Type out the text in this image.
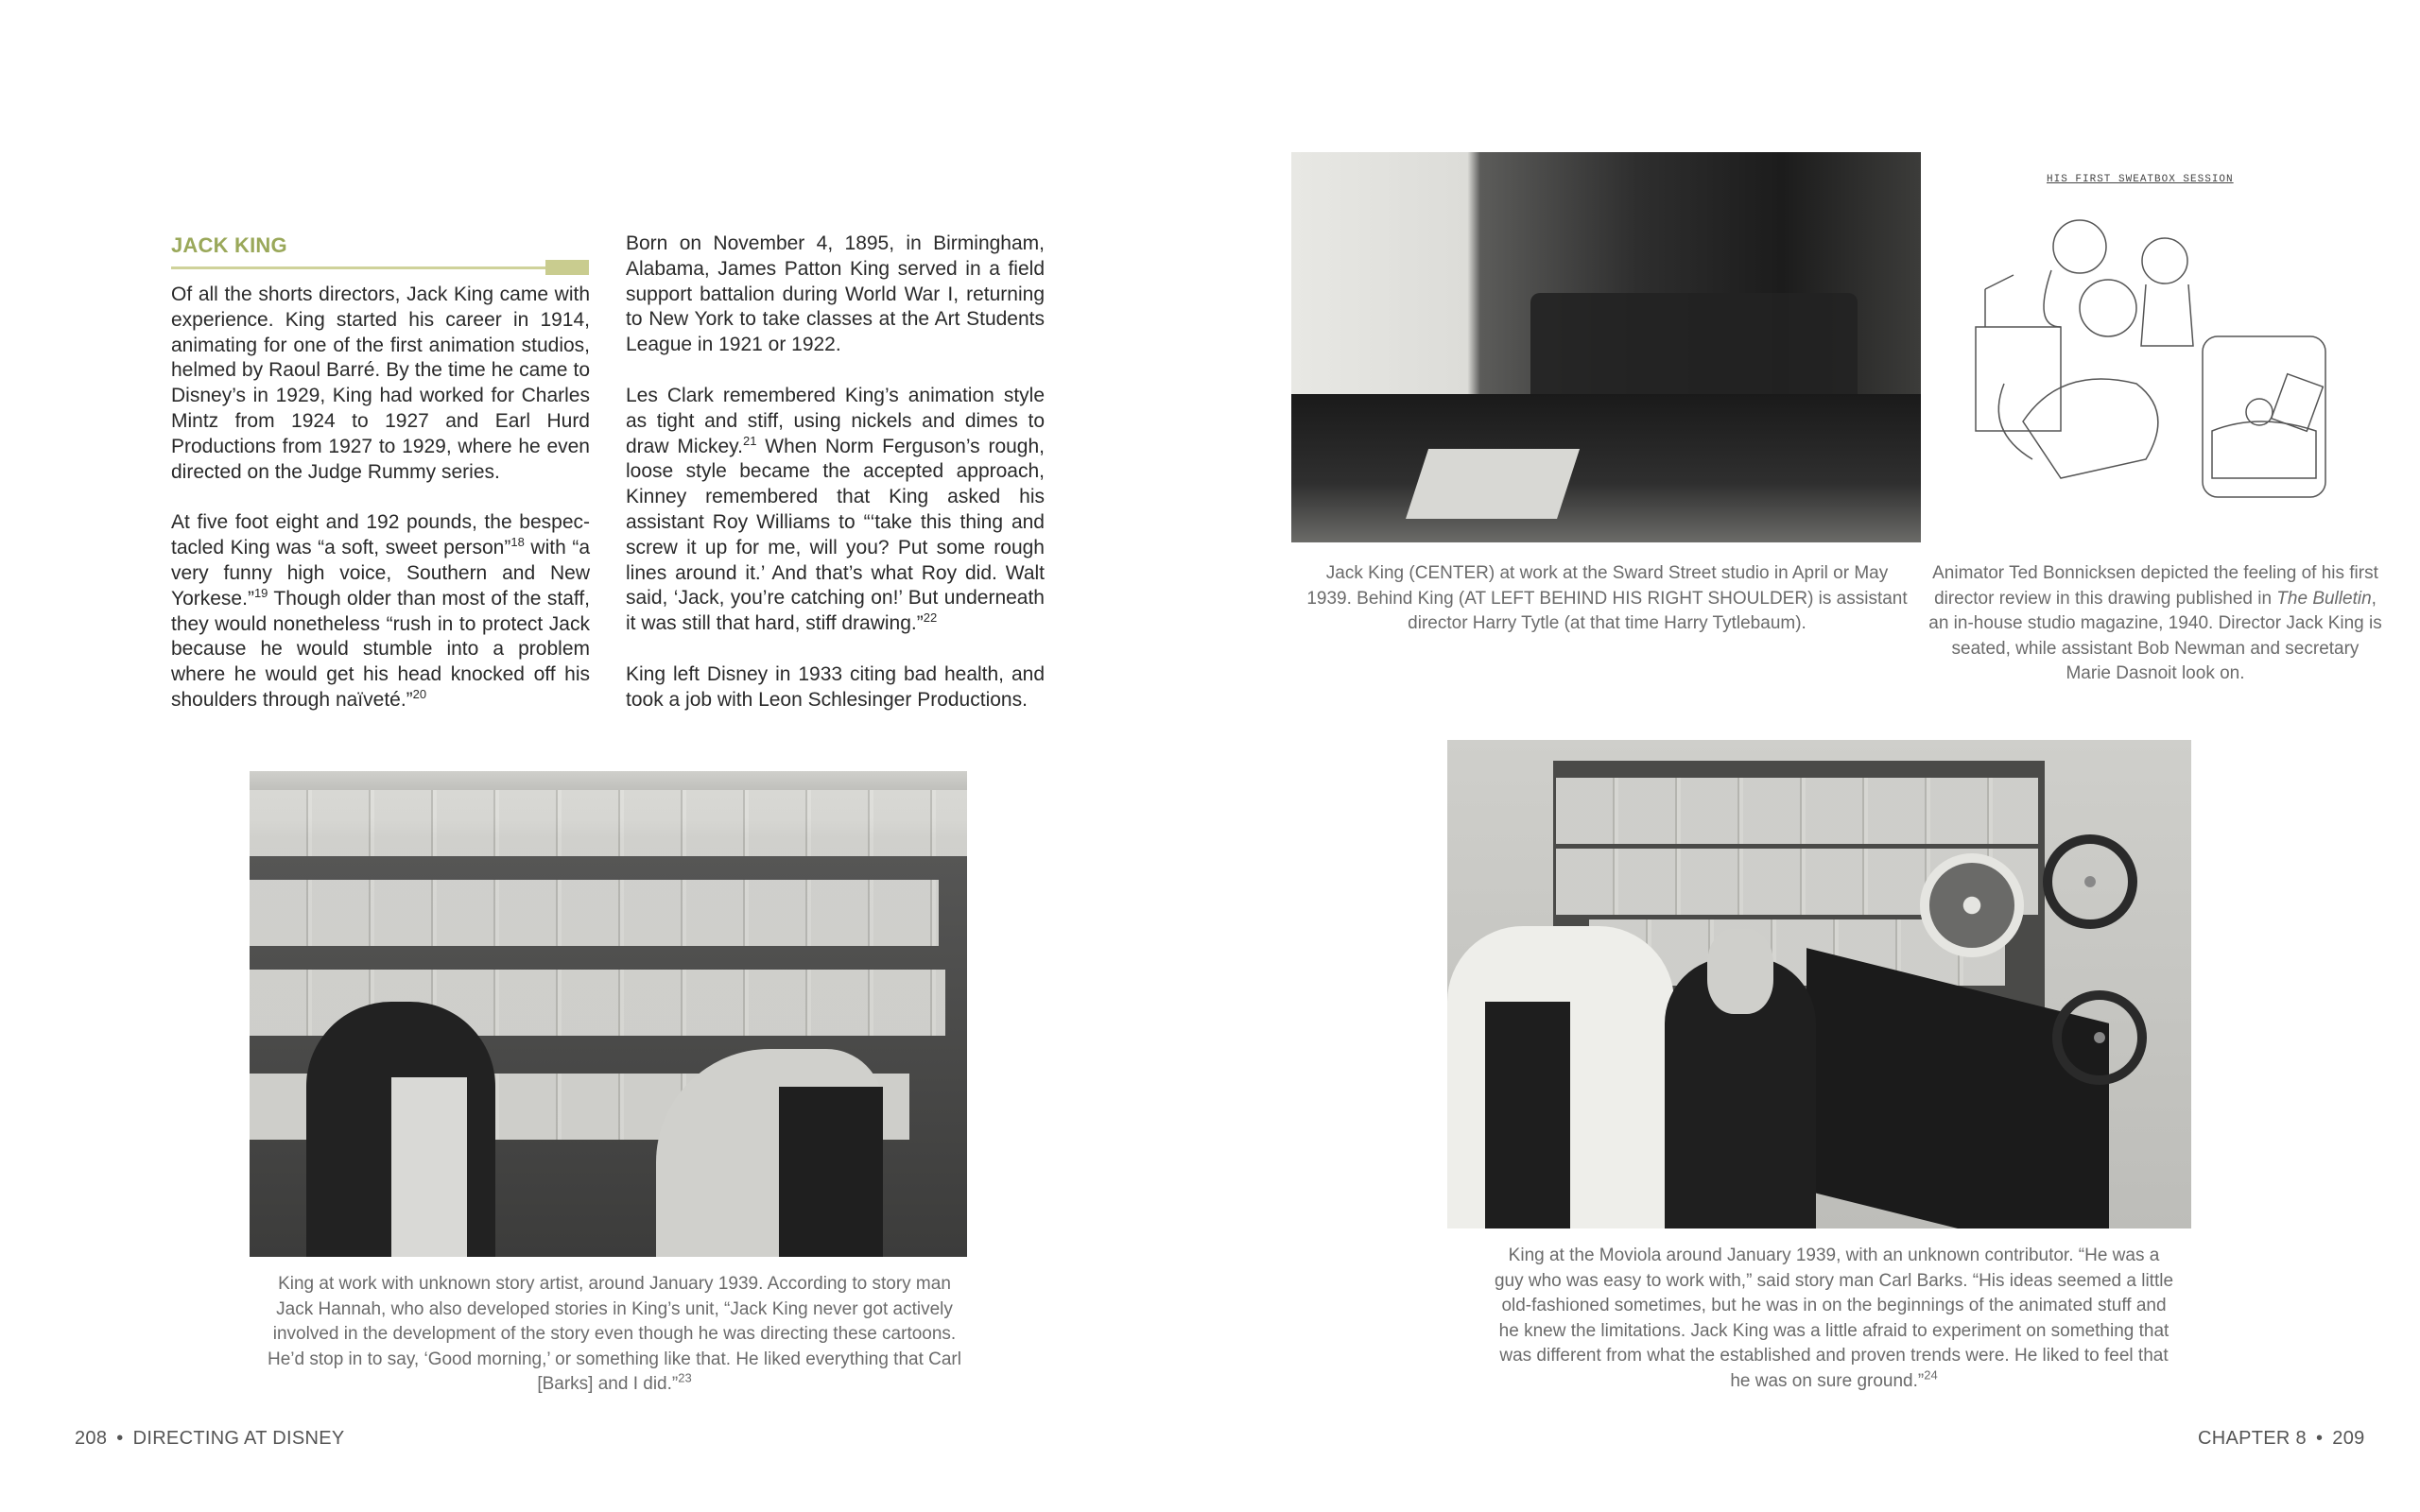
JACK KING

Of all the shorts directors, Jack King came with experience. King started his career in 1914, animating for one of the first animation studios, helmed by Raoul Barré. By the time he came to Disney’s in 1929, King had worked for Charles Mintz from 1924 to 1927 and Earl Hurd Productions from 1927 to 1929, where he even directed on the Judge Rummy series.

At five foot eight and 192 pounds, the bespectacled King was “a soft, sweet person”$^{18}$ with “a very funny high voice, Southern and New Yorkese.”$^{19}$ Though older than most of the staff, they would nonetheless “rush in to protect Jack because he would stumble into a problem where he would get his head knocked off his shoulders through naïveté.”$^{20}$

Born on November 4, 1895, in Birmingham, Alabama, James Patton King served in a field support battalion during World War I, returning to New York to take classes at the Art Students League in 1921 or 1922.

Les Clark remembered King’s animation style as tight and stiff, using nickels and dimes to draw Mickey.$^{21}$ When Norm Ferguson’s rough, loose style became the accepted approach, Kinney remembered that King asked his assistant Roy Williams to “‘take this thing and screw it up for me, will you? Put some rough lines around it.’ And that’s what Roy did. Walt said, ‘Jack, you’re catching on!’ But underneath it was still that hard, stiff drawing.”$^{22}$

King left Disney in 1933 citing bad health, and took a job with Leon Schlesinger Productions.

King at work with unknown story artist, around January 1939. According to story man Jack Hannah, who also developed stories in King’s unit, “Jack King never got actively involved in the development of the story even though he was directing these cartoons. He’d stop in to say, ‘Good morning,’ or something like that. He liked everything that Carl [Barks] and I did.”$^{23}$
208 • DIRECTING AT DISNEY
Jack King (CENTER) at work at the Sward Street studio in April or May 1939. Behind King (AT LEFT BEHIND HIS RIGHT SHOULDER) is assistant director Harry Tytle (at that time Harry Tytlebaum).
HIS FIRST SWEATBOX SESSION
Animator Ted Bonnicksen depicted the feeling of his first director review in this drawing published in The Bulletin, an in-house studio magazine, 1940. Director Jack King is seated, while assistant Bob Newman and secretary Marie Dasnoit look on.
King at the Moviola around January 1939, with an unknown contributor. “He was a guy who was easy to work with,” said story man Carl Barks. “His ideas seemed a little old-fashioned sometimes, but he was in on the beginnings of the animated stuff and he knew the limitations. Jack King was a little afraid to experiment on something that was different from what the established and proven trends were. He liked to feel that he was on sure ground.”$^{24}$
CHAPTER 8 • 209
